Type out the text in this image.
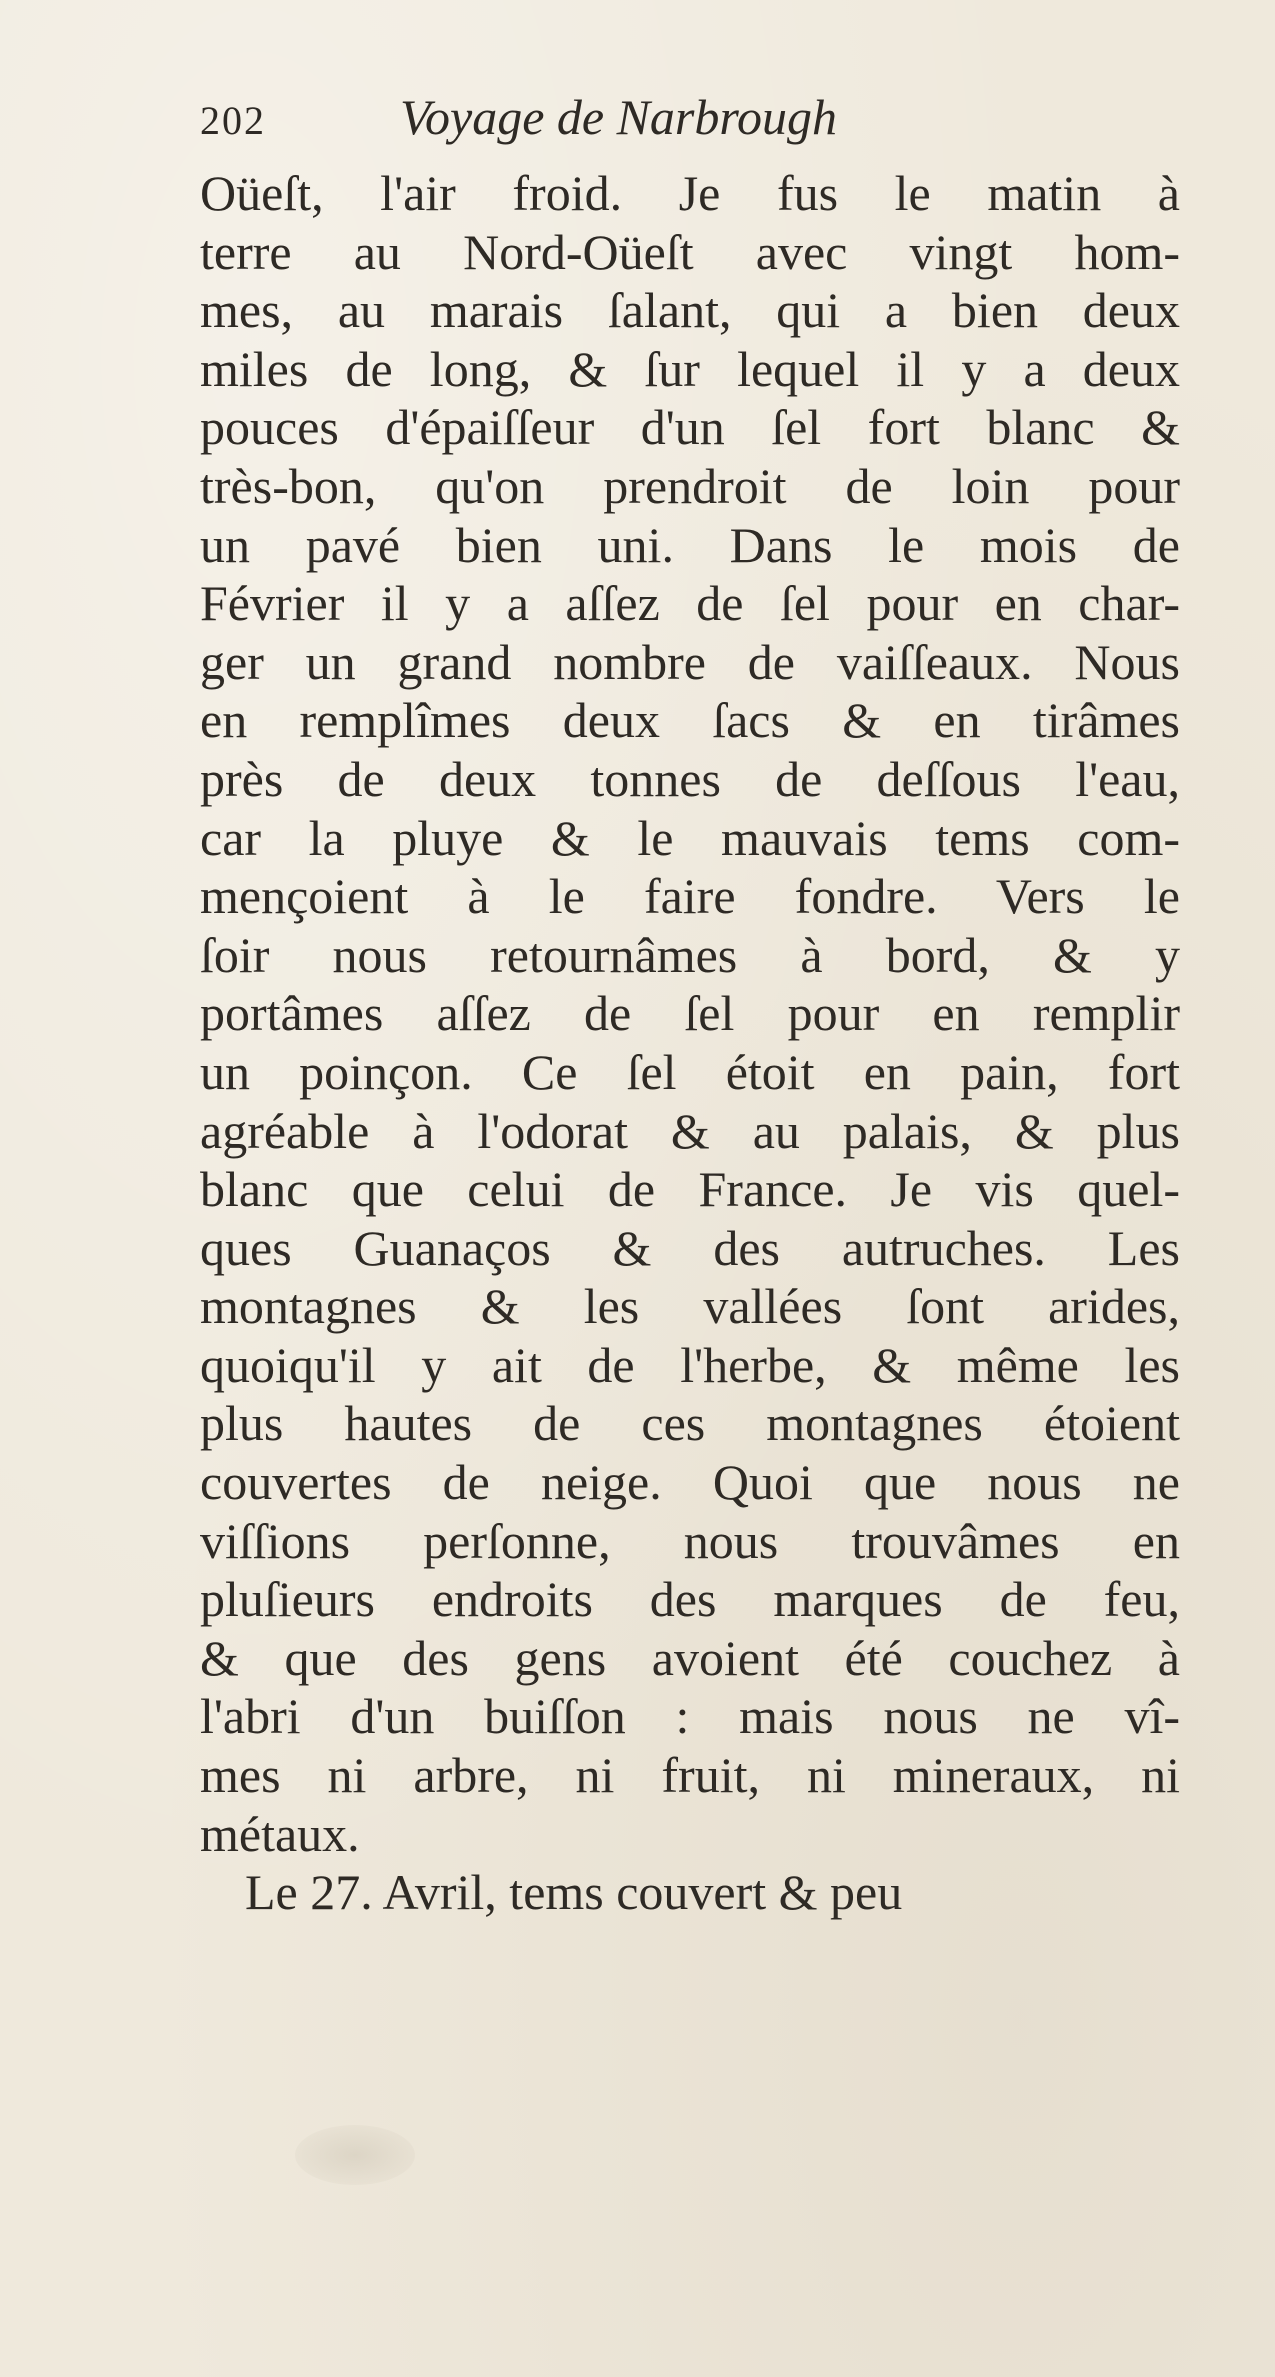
202	Voyage de Narbrough
Oüeſt, l'air froid. Je fus le matin à
terre au Nord-Oüeſt avec vingt hom-
mes, au marais ſalant, qui a bien deux
miles de long, & ſur lequel il y a deux
pouces d'épaiſſeur d'un ſel fort blanc &
très-bon, qu'on prendroit de loin pour
un pavé bien uni. Dans le mois de
Février il y a aſſez de ſel pour en char-
ger un grand nombre de vaiſſeaux. Nous
en remplîmes deux ſacs & en tirâmes
près de deux tonnes de deſſous l'eau,
car la pluye & le mauvais tems com-
mençoient à le faire fondre. Vers le
ſoir nous retournâmes à bord, & y
portâmes aſſez de ſel pour en remplir
un poinçon. Ce ſel étoit en pain, fort
agréable à l'odorat & au palais, & plus
blanc que celui de France. Je vis quel-
ques Guanaços & des autruches. Les
montagnes & les vallées ſont arides,
quoiqu'il y ait de l'herbe, & même les
plus hautes de ces montagnes étoient
couvertes de neige. Quoi que nous ne
viſſions perſonne, nous trouvâmes en
pluſieurs endroits des marques de feu,
& que des gens avoient été couchez à
l'abri d'un buiſſon : mais nous ne vî-
mes ni arbre, ni fruit, ni mineraux, ni
métaux.
Le 27. Avril, tems couvert & peu
